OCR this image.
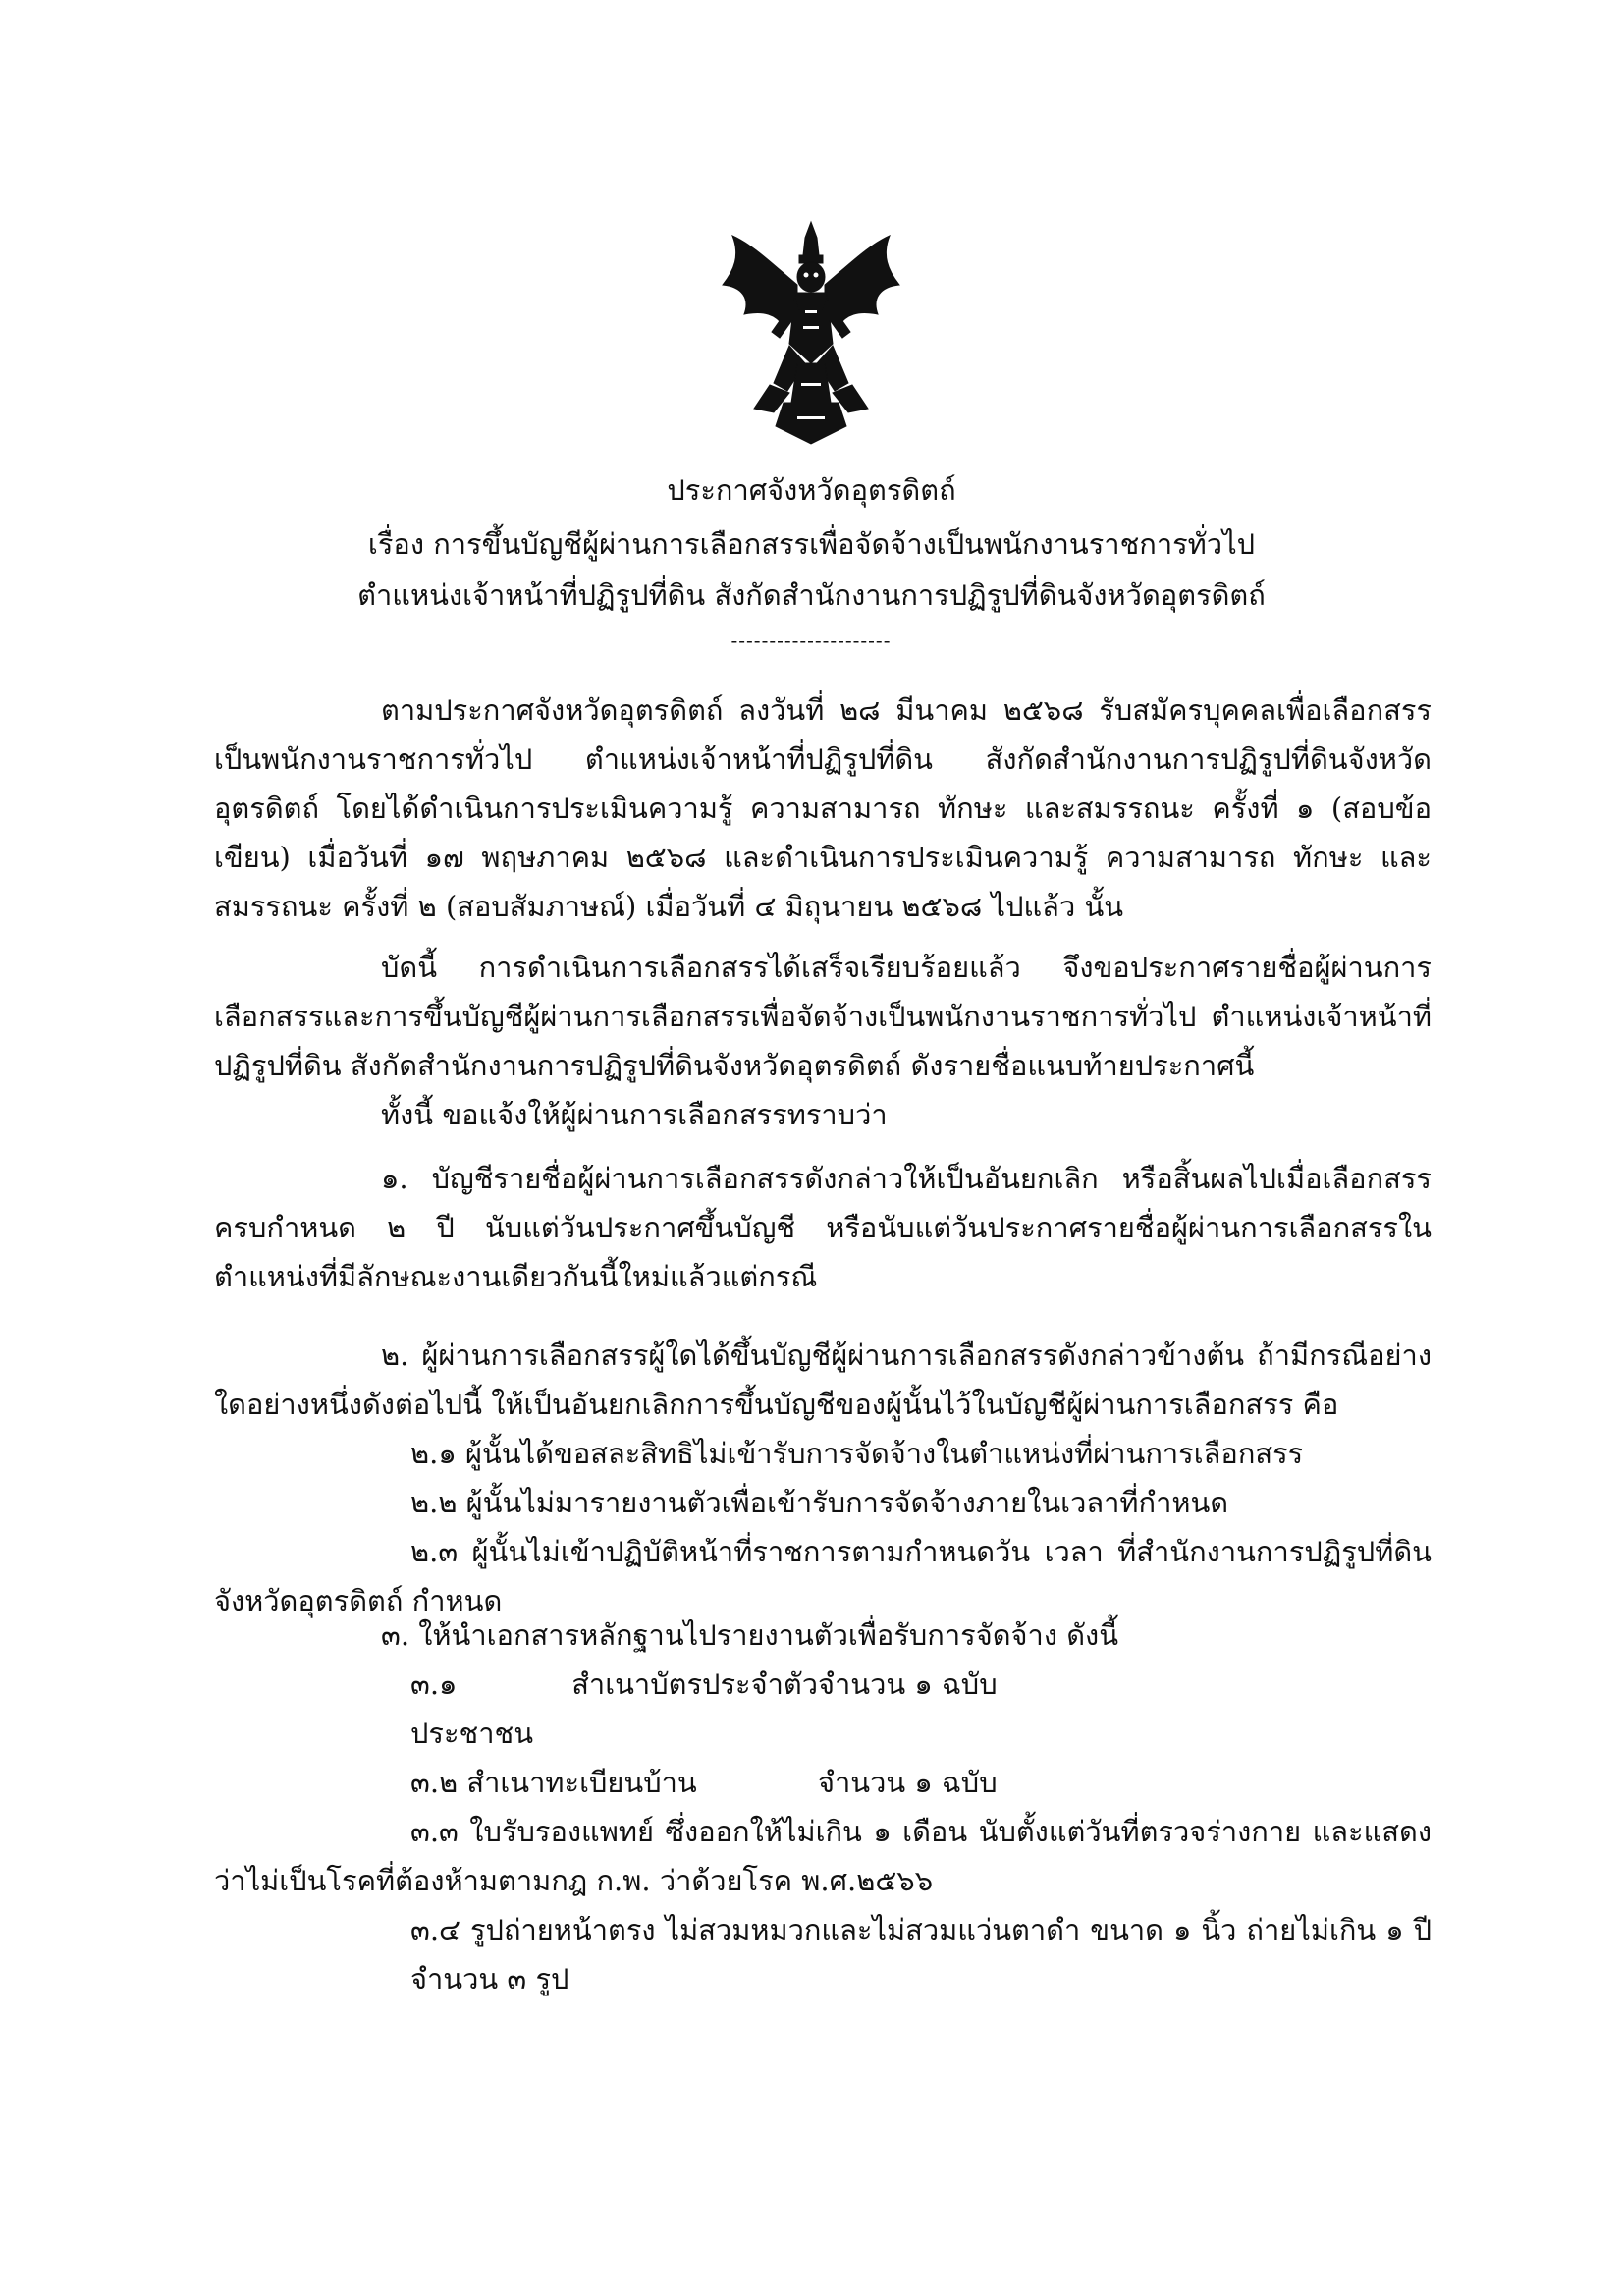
ประกาศจังหวัดอุตรดิตถ์
เรื่อง การขึ้นบัญชีผู้ผ่านการเลือกสรรเพื่อจัดจ้างเป็นพนักงานราชการทั่วไป
ตำแหน่งเจ้าหน้าที่ปฏิรูปที่ดิน สังกัดสำนักงานการปฏิรูปที่ดินจังหวัดอุตรดิตถ์
---------------------

ตามประกาศจังหวัดอุตรดิตถ์ ลงวันที่ ๒๘ มีนาคม ๒๕๖๘ รับสมัครบุคคลเพื่อเลือกสรรเป็นพนักงานราชการทั่วไป ตำแหน่งเจ้าหน้าที่ปฏิรูปที่ดิน สังกัดสำนักงานการปฏิรูปที่ดินจังหวัดอุตรดิตถ์ โดยได้ดำเนินการประเมินความรู้ ความสามารถ ทักษะ และสมรรถนะ ครั้งที่ ๑ (สอบข้อเขียน) เมื่อวันที่ ๑๗ พฤษภาคม ๒๕๖๘ และดำเนินการประเมินความรู้ ความสามารถ ทักษะ และสมรรถนะ ครั้งที่ ๒ (สอบสัมภาษณ์) เมื่อวันที่ ๔ มิถุนายน ๒๕๖๘ ไปแล้ว นั้น

บัดนี้ การดำเนินการเลือกสรรได้เสร็จเรียบร้อยแล้ว จึงขอประกาศรายชื่อผู้ผ่านการเลือกสรรและการขึ้นบัญชีผู้ผ่านการเลือกสรรเพื่อจัดจ้างเป็นพนักงานราชการทั่วไป ตำแหน่งเจ้าหน้าที่ปฏิรูปที่ดิน สังกัดสำนักงานการปฏิรูปที่ดินจังหวัดอุตรดิตถ์ ดังรายชื่อแนบท้ายประกาศนี้

ทั้งนี้ ขอแจ้งให้ผู้ผ่านการเลือกสรรทราบว่า

๑. บัญชีรายชื่อผู้ผ่านการเลือกสรรดังกล่าวให้เป็นอันยกเลิก หรือสิ้นผลไปเมื่อเลือกสรรครบกำหนด ๒ ปี นับแต่วันประกาศขึ้นบัญชี หรือนับแต่วันประกาศรายชื่อผู้ผ่านการเลือกสรรในตำแหน่งที่มีลักษณะงานเดียวกันนี้ใหม่แล้วแต่กรณี

๒. ผู้ผ่านการเลือกสรรผู้ใดได้ขึ้นบัญชีผู้ผ่านการเลือกสรรดังกล่าวข้างต้น ถ้ามีกรณีอย่างใดอย่างหนึ่งดังต่อไปนี้ ให้เป็นอันยกเลิกการขึ้นบัญชีของผู้นั้นไว้ในบัญชีผู้ผ่านการเลือกสรร คือ

๒.๑ ผู้นั้นได้ขอสละสิทธิไม่เข้ารับการจัดจ้างในตำแหน่งที่ผ่านการเลือกสรร

๒.๒ ผู้นั้นไม่มารายงานตัวเพื่อเข้ารับการจัดจ้างภายในเวลาที่กำหนด

๒.๓ ผู้นั้นไม่เข้าปฏิบัติหน้าที่ราชการตามกำหนดวัน เวลา ที่สำนักงานการปฏิรูปที่ดินจังหวัดอุตรดิตถ์ กำหนด

๓. ให้นำเอกสารหลักฐานไปรายงานตัวเพื่อรับการจัดจ้าง ดังนี้

๓.๑ สำเนาบัตรประจำตัวประชาชน
จำนวน ๑ ฉบับ
๓.๒ สำเนาทะเบียนบ้าน	จำนวน ๑ ฉบับ

๓.๓ ใบรับรองแพทย์ ซึ่งออกให้ไม่เกิน ๑ เดือน นับตั้งแต่วันที่ตรวจร่างกาย และแสดงว่าไม่เป็นโรคที่ต้องห้ามตามกฎ ก.พ. ว่าด้วยโรค พ.ศ.๒๕๖๖

๓.๔ รูปถ่ายหน้าตรง ไม่สวมหมวกและไม่สวมแว่นตาดำ ขนาด ๑ นิ้ว ถ่ายไม่เกิน ๑ ปี จำนวน ๓ รูป
